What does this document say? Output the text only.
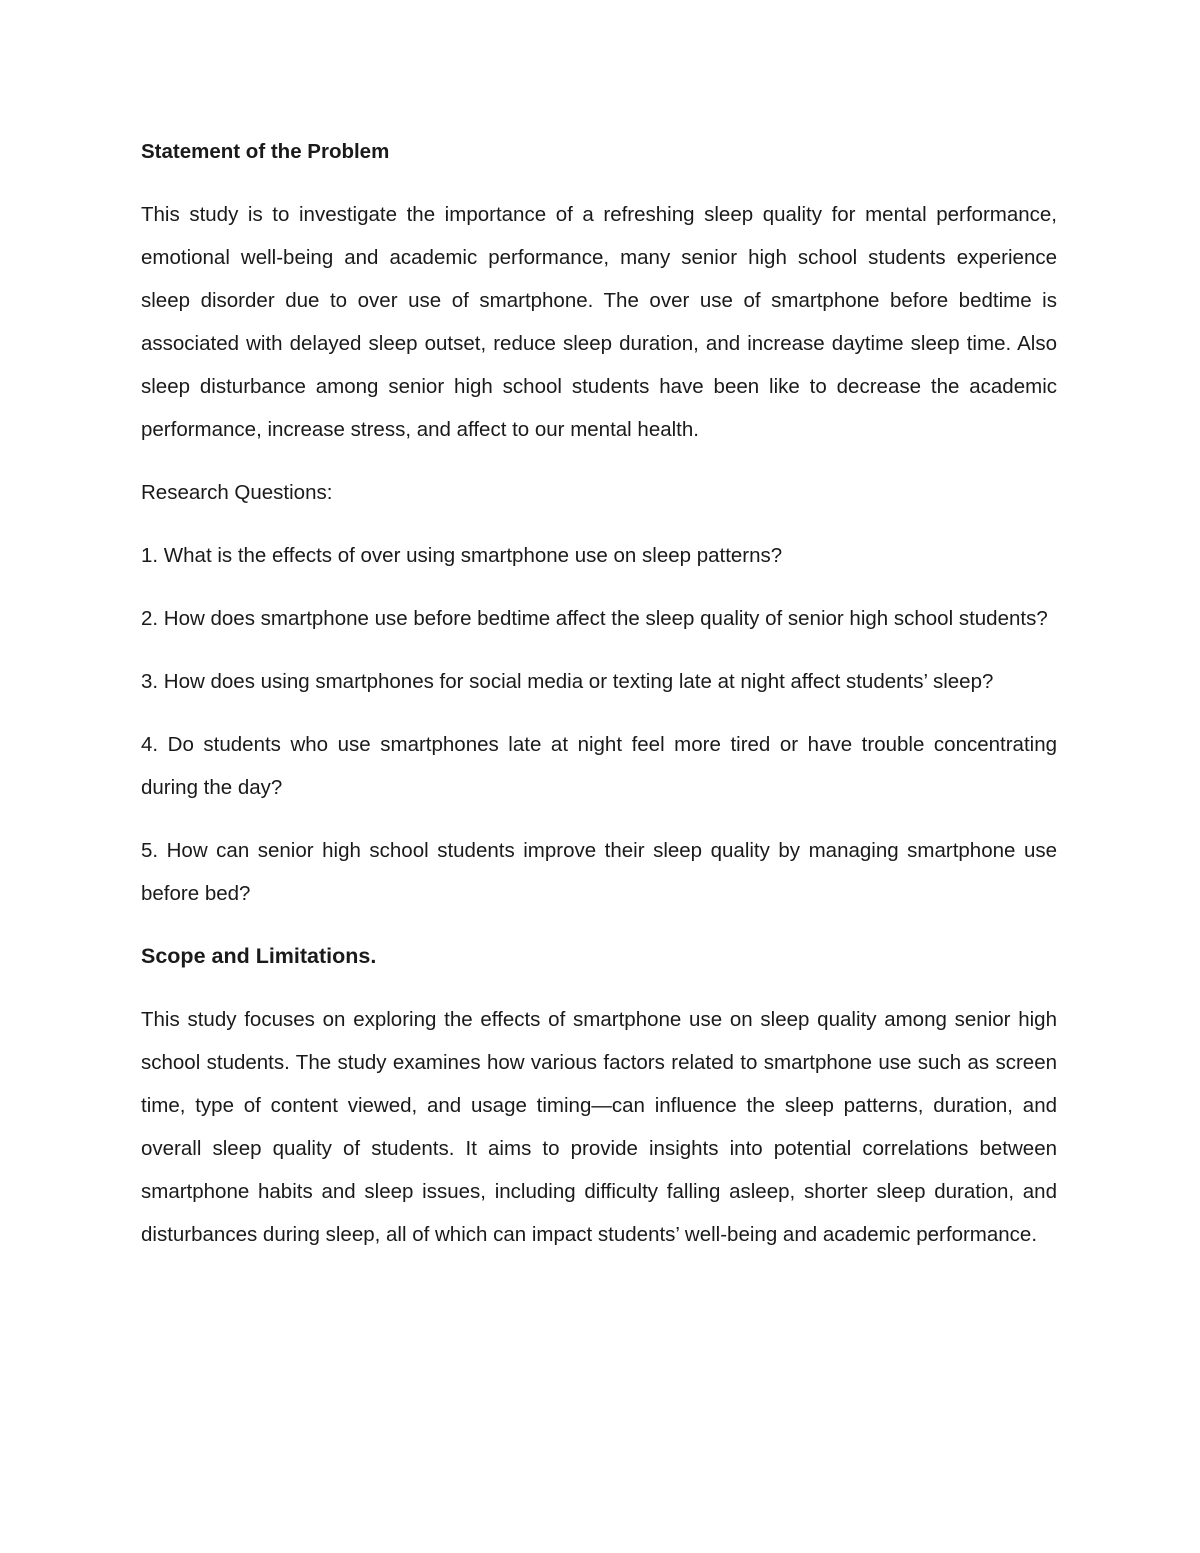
Statement of the Problem
This study is to investigate the importance of a refreshing sleep quality for mental performance, emotional well-being and academic performance, many senior high school students experience sleep disorder due to over use of smartphone. The over use of smartphone before bedtime is associated with delayed sleep outset, reduce sleep duration, and increase daytime sleep time. Also sleep disturbance among senior high school students have been like to decrease the academic performance, increase stress, and affect to our mental health.
Research Questions:
1. What is the effects of over using smartphone use on sleep patterns?
2. How does smartphone use before bedtime affect the sleep quality of senior high school students?
3. How does using smartphones for social media or texting late at night affect students’ sleep?
4. Do students who use smartphones late at night feel more tired or have trouble concentrating during the day?
5. How can senior high school students improve their sleep quality by managing smartphone use before bed?
Scope and Limitations.
This study focuses on exploring the effects of smartphone use on sleep quality among senior high school students. The study examines how various factors related to smartphone use such as screen time, type of content viewed, and usage timing—can influence the sleep patterns, duration, and overall sleep quality of students. It aims to provide insights into potential correlations between smartphone habits and sleep issues, including difficulty falling asleep, shorter sleep duration, and disturbances during sleep, all of which can impact students’ well-being and academic performance.
